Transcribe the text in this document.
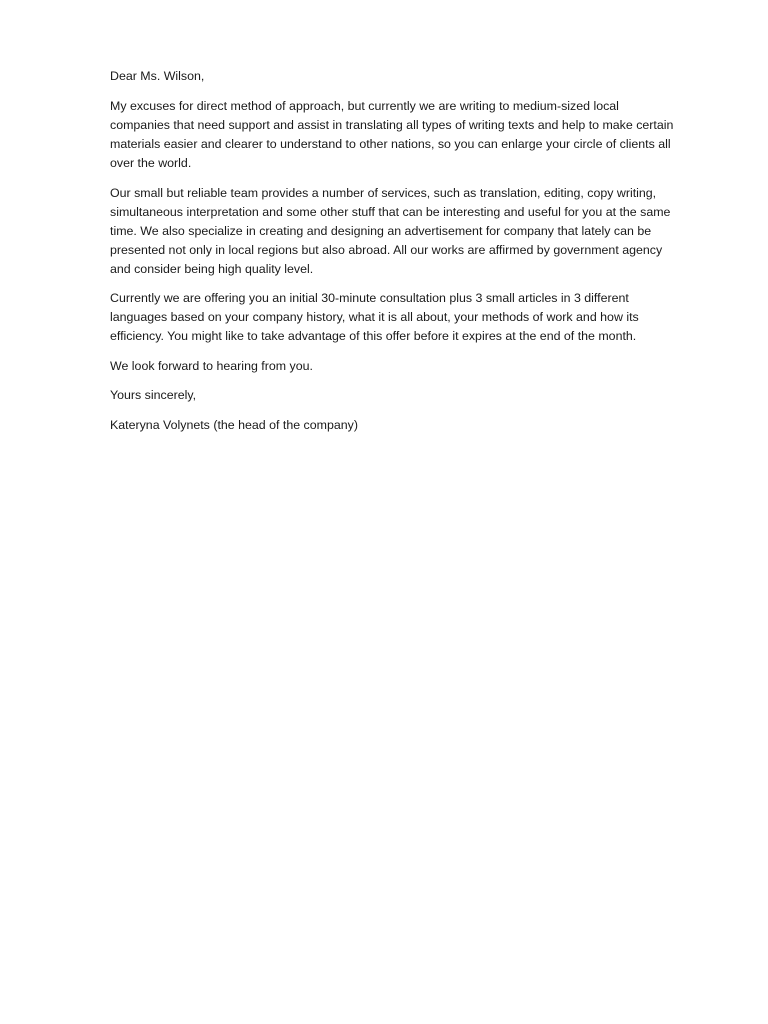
Dear Ms. Wilson,

My excuses for direct method of approach, but currently we are writing to medium-sized local
companies that need support and assist in translating all types of writing texts and help to make certain
materials easier and clearer to understand to other nations, so you can enlarge your circle of clients all
over the world.

Our small but reliable team provides a number of services, such as translation, editing, copy writing,
simultaneous interpretation and some other stuff that can be interesting and useful for you at the same
time. We also specialize in creating and designing an advertisement for company that lately can be
presented not only in local regions but also abroad. All our works are affirmed by government agency
and consider being high quality level.

Currently we are offering you an initial 30-minute consultation plus 3 small articles in 3 different
languages based on your company history, what it is all about, your methods of work and how its
efficiency. You might like to take advantage of this offer before it expires at the end of the month.

We look forward to hearing from you.

Yours sincerely,

Kateryna Volynets (the head of the company)
